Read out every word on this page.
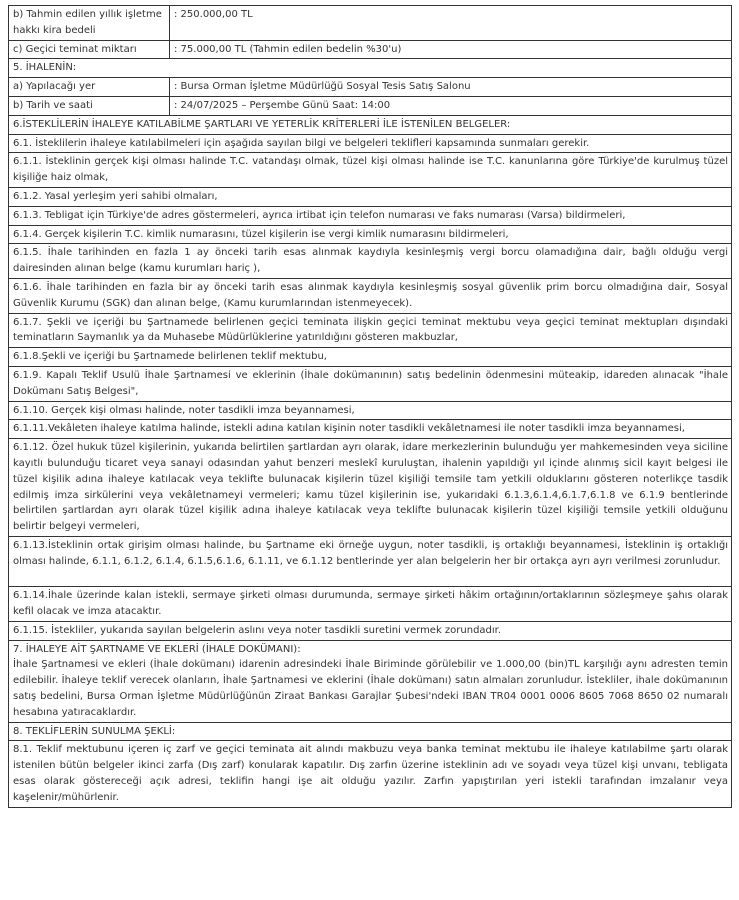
b) Tahmin edilen yıllık işletme hakkı kira bedeli	: 250.000,00 TL
c) Geçici teminat miktarı	: 75.000,00 TL (Tahmin edilen bedelin %30'u)
5. İHALENİN:	
a) Yapılacağı yer	: Bursa Orman İşletme Müdürlüğü Sosyal Tesis Satış Salonu
b) Tarih ve saati	: 24/07/2025 – Perşembe Günü Saat: 14:00
6.İSTEKLİLERİN İHALEYE KATILABİLME ŞARTLARI VE YETERLİK KRİTERLERİ İLE İSTENİLEN BELGELER:	
6.1. İsteklilerin ihaleye katılabilmeleri için aşağıda sayılan bilgi ve belgeleri teklifleri kapsamında sunmaları gerekir.	
6.1.1. İsteklinin gerçek kişi olması halinde T.C. vatandaşı olmak, tüzel kişi olması halinde ise T.C. kanunlarına göre Türkiye'de kurulmuş tüzel kişiliğe haiz olmak,	
6.1.2. Yasal yerleşim yeri sahibi olmaları,	
6.1.3. Tebligat için Türkiye'de adres göstermeleri, ayrıca irtibat için telefon numarası ve faks numarası (Varsa) bildirmeleri,	
6.1.4. Gerçek kişilerin T.C. kimlik numarasını, tüzel kişilerin ise vergi kimlik numarasını bildirmeleri,	
6.1.5. İhale tarihinden en fazla 1 ay önceki tarih esas alınmak kaydıyla kesinleşmiş vergi borcu olamadığına dair, bağlı olduğu vergi dairesinden alınan belge (kamu kurumları hariç ),	
6.1.6. İhale tarihinden en fazla bir ay önceki tarih esas alınmak kaydıyla kesinleşmiş sosyal güvenlik prim borcu olmadığına dair, Sosyal Güvenlik Kurumu (SGK) dan alınan belge, (Kamu kurumlarından istenmeyecek).	
6.1.7. Şekli ve içeriği bu Şartnamede belirlenen geçici teminata ilişkin geçici teminat mektubu veya geçici teminat mektupları dışındaki teminatların Saymanlık ya da Muhasebe Müdürlüklerine yatırıldığını gösteren makbuzlar,	
6.1.8.Şekli ve içeriği bu Şartnamede belirlenen teklif mektubu,	
6.1.9. Kapalı Teklif Usulü İhale Şartnamesi ve eklerinin (İhale dokümanının) satış bedelinin ödenmesini müteakip, idareden alınacak "İhale Dokümanı Satış Belgesi",	
6.1.10. Gerçek kişi olması halinde, noter tasdikli imza beyannamesi,	
6.1.11.Vekâleten ihaleye katılma halinde, istekli adına katılan kişinin noter tasdikli vekâletnamesi ile noter tasdikli imza beyannamesi,	
6.1.12. Özel hukuk tüzel kişilerinin, yukarıda belirtilen şartlardan ayrı olarak, idare merkezlerinin bulunduğu yer mahkemesinden veya siciline kayıtlı bulunduğu ticaret veya sanayi odasından yahut benzeri meslekî kuruluştan, ihalenin yapıldığı yıl içinde alınmış sicil kayıt belgesi ile tüzel kişilik adına ihaleye katılacak veya teklifte bulunacak kişilerin tüzel kişiliği temsile tam yetkili olduklarını gösteren noterlikçe tasdik edilmiş imza sirkülerini veya vekâletnameyi vermeleri; kamu tüzel kişilerinin ise, yukarıdaki 6.1.3,6.1.4,6.1.7,6.1.8 ve 6.1.9 bentlerinde belirtilen şartlardan ayrı olarak tüzel kişilik adına ihaleye katılacak veya teklifte bulunacak kişilerin tüzel kişiliği temsile yetkili olduğunu belirtir belgeyi vermeleri,	
6.1.13.İsteklinin ortak girişim olması halinde, bu Şartname eki örneğe uygun, noter tasdikli, iş ortaklığı beyannamesi, İsteklinin iş ortaklığı olması halinde, 6.1.1, 6.1.2, 6.1.4, 6.1.5,6.1.6, 6.1.11, ve 6.1.12 bentlerinde yer alan belgelerin her bir ortakça ayrı ayrı verilmesi zorunludur.	
6.1.14.İhale üzerinde kalan istekli, sermaye şirketi olması durumunda, sermaye şirketi hâkim ortağının/ortaklarının sözleşmeye şahıs olarak kefil olacak ve imza atacaktır.	
6.1.15. İstekliler, yukarıda sayılan belgelerin aslını veya noter tasdikli suretini vermek zorundadır.	

7. İHALEYE AİT ŞARTNAME VE EKLERİ (İHALE DOKÜMANI):
İhale Şartnamesi ve ekleri (İhale dokümanı) idarenin adresindeki İhale Biriminde görülebilir ve 1.000,00 (bin)TL karşılığı aynı adresten temin edilebilir. İhaleye teklif verecek olanların, İhale Şartnamesi ve eklerini (İhale dokümanı) satın almaları zorunludur. İstekliler, ihale dokümanının satış bedelini, Bursa Orman İşletme Müdürlüğünün Ziraat Bankası Garajlar Şubesi'ndeki IBAN TR04 0001 0006 8605 7068 8650 02 numaralı hesabına yatıracaklardır.	

8. TEKLİFLERİN SUNULMA ŞEKLİ:	
8.1. Teklif mektubunu içeren iç zarf ve geçici teminata ait alındı makbuzu veya banka teminat mektubu ile ihaleye katılabilme şartı olarak istenilen bütün belgeler ikinci zarfa (Dış zarf) konularak kapatılır. Dış zarfın üzerine isteklinin adı ve soyadı veya tüzel kişi unvanı, tebligata esas olarak göstereceği açık adresi, teklifin hangi işe ait olduğu yazılır. Zarfın yapıştırılan yeri istekli tarafından imzalanır veya kaşelenir/mühürlenir.	
